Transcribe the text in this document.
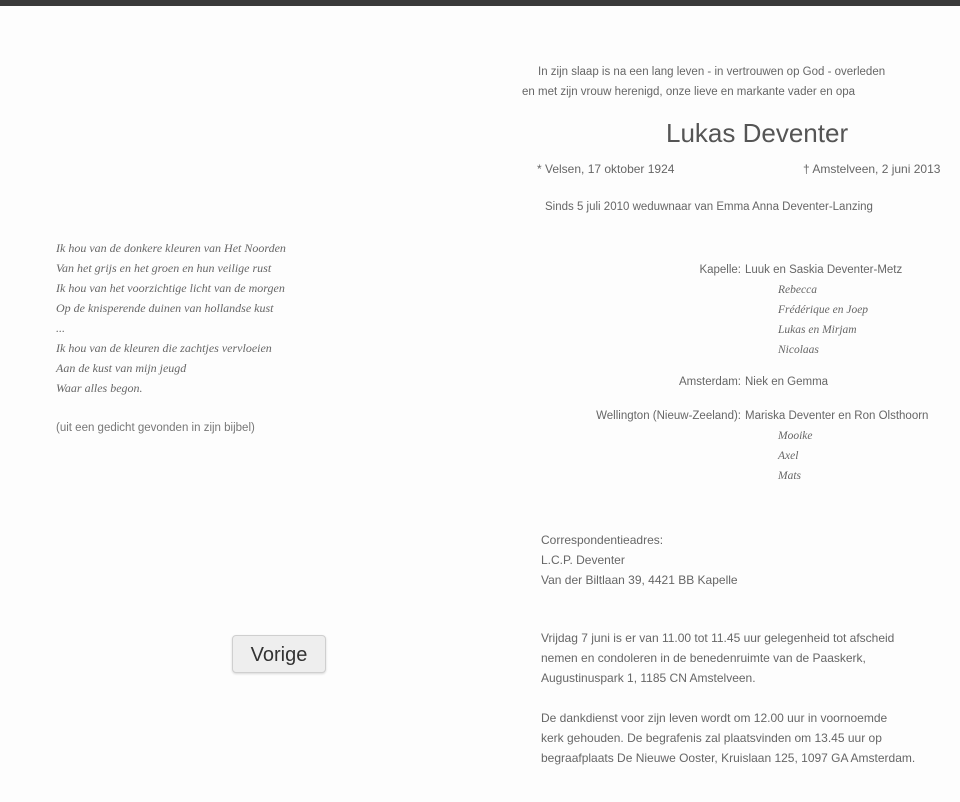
Ik hou van de donkere kleuren van Het Noorden
Van het grijs en het groen en hun veilige rust
Ik hou van het voorzichtige licht van de morgen
Op de knisperende duinen van hollandse kust
...
Ik hou van de kleuren die zachtjes vervloeien
Aan de kust van mijn jeugd
Waar alles begon.
(uit een gedicht gevonden in zijn bijbel)
Vorige
In zijn slaap is na een lang leven - in vertrouwen op God - overleden
en met zijn vrouw herenigd, onze lieve en markante vader en opa
Lukas Deventer
* Velsen, 17 oktober 1924	† Amstelveen, 2 juni 2013
Sinds 5 juli 2010 weduwnaar van Emma Anna Deventer-Lanzing
Kapelle: Luuk en Saskia Deventer-Metz
Rebecca
Frédérique en Joep
Lukas en Mirjam
Nicolaas
Amsterdam: Niek en Gemma
Wellington (Nieuw-Zeeland): Mariska Deventer en Ron Olsthoorn
Mooike
Axel
Mats
Correspondentieadres:
L.C.P. Deventer
Van der Biltlaan 39, 4421 BB Kapelle
Vrijdag 7 juni is er van 11.00 tot 11.45 uur gelegenheid tot afscheid
nemen en condoleren in de benedenruimte van de Paaskerk,
Augustinuspark 1, 1185 CN Amstelveen.
De dankdienst voor zijn leven wordt om 12.00 uur in voornoemde
kerk gehouden. De begrafenis zal plaatsvinden om 13.45 uur op
begraafplaats De Nieuwe Ooster, Kruislaan 125, 1097 GA Amsterdam.
